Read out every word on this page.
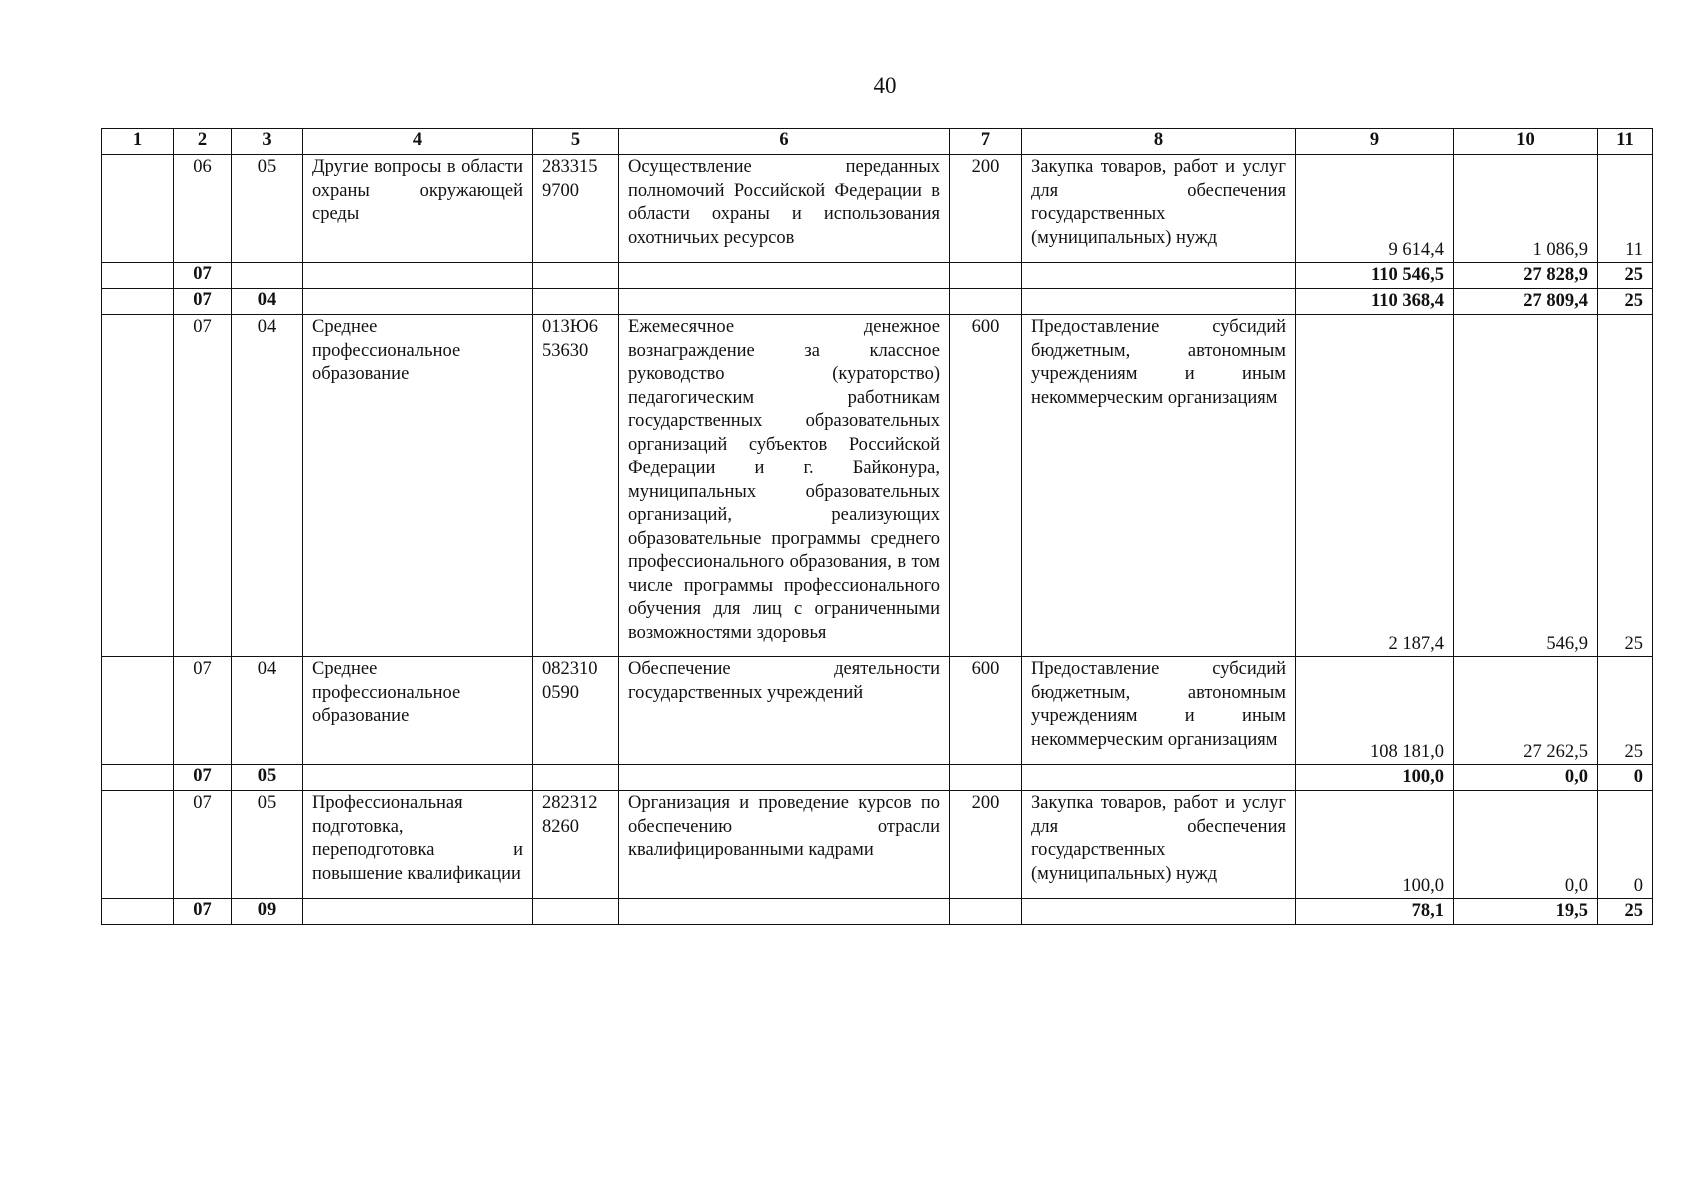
40
1	2	3	4	5	6	7	8	9	10	11
	06	05	Другие вопросы в области охраны окружающей среды	283315 9700	Осуществление переданных полномочий Российской Федерации в области охраны и использования охотничьих ресурсов	200	Закупка товаров, работ и услуг для обеспечения государственных (муниципальных) нужд	9 614,4	1 086,9	11
	07							110 546,5	27 828,9	25
	07	04						110 368,4	27 809,4	25
	07	04	Среднее профессиональное образование	013Ю6 53630	Ежемесячное денежное вознаграждение за классное руководство (кураторство) педагогическим работникам государственных образовательных организаций субъектов Российской Федерации и г. Байконура, муниципальных образовательных организаций, реализующих образовательные программы среднего профессионального образования, в том числе программы профессионального обучения для лиц с ограниченными возможностями здоровья	600	Предоставление субсидий бюджетным, автономным учреждениям и иным некоммерческим организациям	2 187,4	546,9	25
	07	04	Среднее профессиональное образование	082310 0590	Обеспечение деятельности государственных учреждений	600	Предоставление субсидий бюджетным, автономным учреждениям и иным некоммерческим организациям	108 181,0	27 262,5	25
	07	05						100,0	0,0	0
	07	05	Профессиональная подготовка, переподготовка и повышение квалификации	282312 8260	Организация и проведение курсов по обеспечению отрасли квалифицированными кадрами	200	Закупка товаров, работ и услуг для обеспечения государственных (муниципальных) нужд	100,0	0,0	0
	07	09						78,1	19,5	25
